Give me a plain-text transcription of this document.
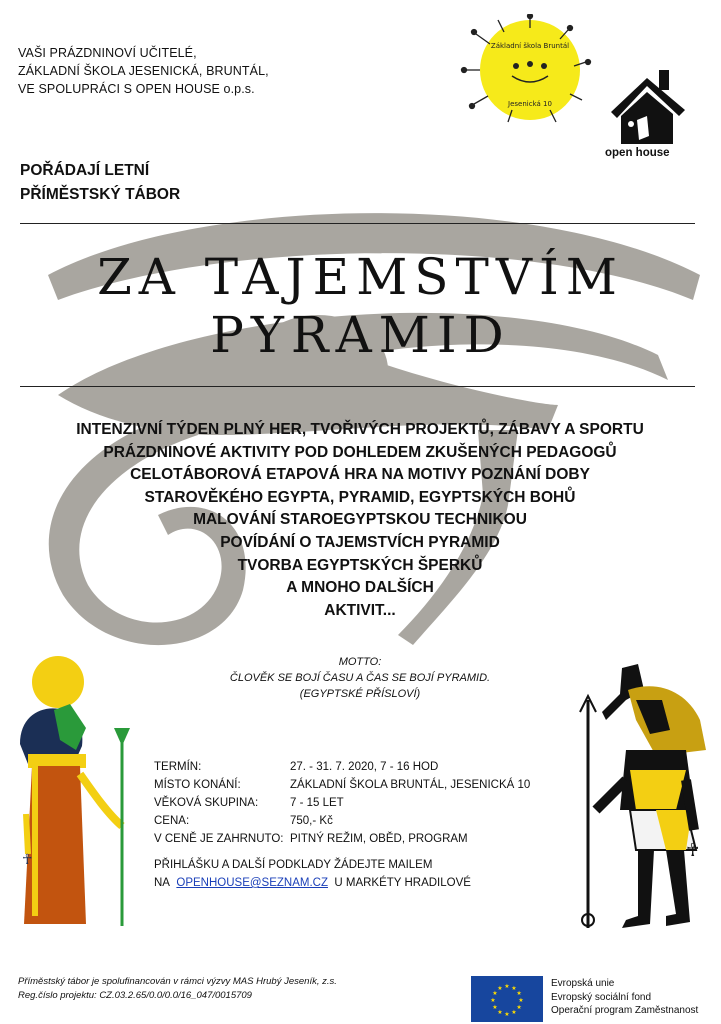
VAŠI PRÁZDNINOVÍ UČITELÉ,
ZÁKLADNÍ ŠKOLA JESENICKÁ, BRUNTÁL,
VE SPOLUPRÁCI S OPEN HOUSE o.p.s.
POŘÁDAJÍ LETNÍ
PŘÍMĚSTSKÝ TÁBOR
Základní škola Bruntál
Jesenická 10
open house
ZA TAJEMSTVÍM
PYRAMID
INTENZIVNÍ TÝDEN PLNÝ HER, TVOŘIVÝCH PROJEKTŮ, ZÁBAVY A SPORTU
PRÁZDNINOVÉ AKTIVITY POD DOHLEDEM ZKUŠENÝCH PEDAGOGŮ
CELOTÁBOROVÁ ETAPOVÁ HRA NA MOTIVY POZNÁNÍ DOBY
STAROVĚKÉHO EGYPTA, PYRAMID, EGYPTSKÝCH BOHŮ
MALOVÁNÍ STAROEGYPTSKOU TECHNIKOU
POVÍDÁNÍ O TAJEMSTVÍCH PYRAMID
TVORBA EGYPTSKÝCH ŠPERKŮ
A MNOHO DALŠÍCH
AKTIVIT...
MOTTO:
ČLOVĚK SE BOJÍ ČASU A ČAS SE BOJÍ PYRAMID.
(EGYPTSKÉ PŘÍSLOVÍ)
☥	☥
TERMÍN:	27. - 31. 7. 2020, 7 - 16 HOD
MÍSTO KONÁNÍ:	ZÁKLADNÍ ŠKOLA BRUNTÁL, JESENICKÁ 10
VĚKOVÁ SKUPINA:	7 - 15 LET
CENA:	750,- Kč
V CENĚ JE ZAHRNUTO: PITNÝ REŽIM, OBĚD, PROGRAM
PŘIHLÁŠKU A DALŠÍ PODKLADY ŽÁDEJTE MAILEM
NA OPENHOUSE@SEZNAM.CZ U MARKÉTY HRADILOVÉ
Příměstský tábor je spolufinancován v rámci výzvy MAS Hrubý Jeseník, z.s.
Reg.číslo projektu: CZ.03.2.65/0.0/0.0/16_047/0015709	★
★
★
★
★
★
★
★
★ ★ ★
★
Evropská unie
Evropský sociální fond
Operační program Zaměstnanost
